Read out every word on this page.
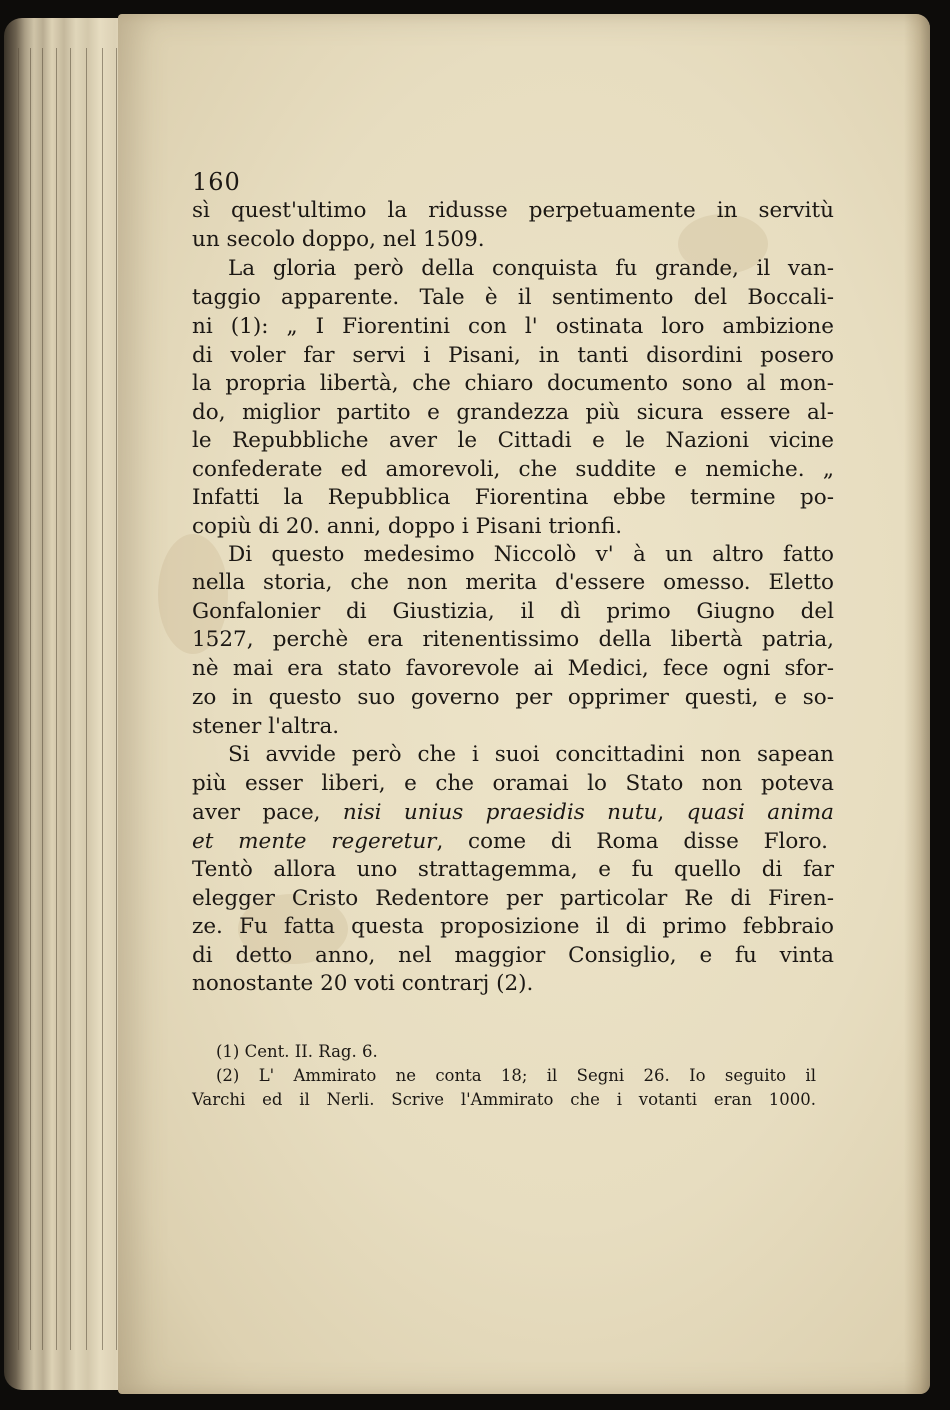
160
sì quest'ultimo la ridusse perpetuamente in servitù
un secolo doppo, nel 1509.
La gloria però della conquista fu grande, il van-
taggio apparente. Tale è il sentimento del Boccali-
ni (1): „ I Fiorentini con l' ostinata loro ambizione
di voler far servi i Pisani, in tanti disordini posero
la propria libertà, che chiaro documento sono al mon-
do, miglior partito e grandezza più sicura essere al-
le Repubbliche aver le Cittadi e le Nazioni vicine
confederate ed amorevoli, che suddite e nemiche. „
Infatti la Repubblica Fiorentina ebbe termine po-
copiù di 20. anni, doppo i Pisani trionfi.
Di questo medesimo Niccolò v' à un altro fatto
nella storia, che non merita d'essere omesso. Eletto
Gonfalonier di Giustizia, il dì primo Giugno del
1527, perchè era ritenentissimo della libertà patria,
nè mai era stato favorevole ai Medici, fece ogni sfor-
zo in questo suo governo per opprimer questi, e so-
stener l'altra.
Si avvide però che i suoi concittadini non sapean
più esser liberi, e che oramai lo Stato non poteva
aver pace, nisi unius praesidis nutu, quasi anima
et mente regeretur, come di Roma disse Floro.
Tentò allora uno strattagemma, e fu quello di far
elegger Cristo Redentore per particolar Re di Firen-
ze. Fu fatta questa proposizione il di primo febbraio
di detto anno, nel maggior Consiglio, e fu vinta
nonostante 20 voti contrarj (2).
(1) Cent. II. Rag. 6.
(2) L' Ammirato ne conta 18; il Segni 26. Io seguito il
Varchi ed il Nerli. Scrive l'Ammirato che i votanti eran 1000.
